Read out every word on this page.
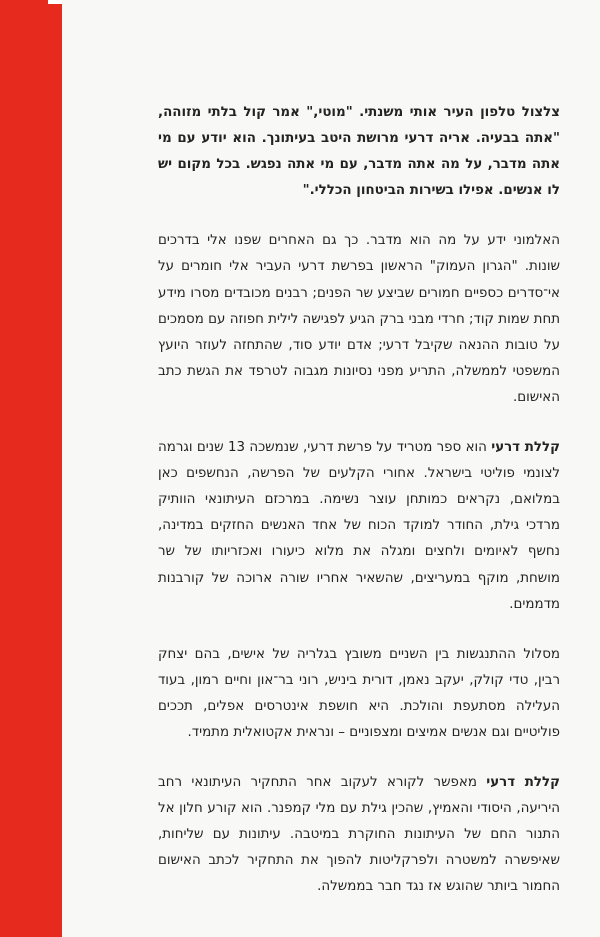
צלצול טלפון העיר אותי משנתי. "מוטי," אמר קול בלתי מזוהה, "אתה בבעיה. אריה דרעי מרושת היטב בעיתונך. הוא יודע עם מי אתה מדבר, על מה אתה מדבר, עם מי אתה נפגש. בכל מקום יש לו אנשים. אפילו בשירות הביטחון הכללי."

האלמוני ידע על מה הוא מדבר. כך גם האחרים שפנו אלי בדרכים שונות. "הגרון העמוק" הראשון בפרשת דרעי העביר אלי חומרים על אי־סדרים כספיים חמורים שביצע שר הפנים; רבנים מכובדים מסרו מידע תחת שמות קוד; חרדי מבני ברק הגיע לפגישה לילית חפוזה עם מסמכים על טובות ההנאה שקיבל דרעי; אדם יודע סוד, שהתחזה לעוזר היועץ המשפטי לממשלה, התריע מפני נסיונות מגבוה לטרפד את הגשת כתב האישום.

קללת דרעי הוא ספר מטריד על פרשת דרעי, שנמשכה 13 שנים וגרמה לצונמי פוליטי בישראל. אחורי הקלעים של הפרשה, הנחשפים כאן במלואם, נקראים כמותחן עוצר נשימה. במרכזם העיתונאי הוותיק מרדכי גילת, החודר למוקד הכוח של אחד האנשים החזקים במדינה, נחשף לאיומים ולחצים ומגלה את מלוא כיעורו ואכזריותו של שר מושחת, מוקף במעריצים, שהשאיר אחריו שורה ארוכה של קורבנות מדממים.

מסלול ההתנגשות בין השניים משובץ בגלריה של אישים, בהם יצחק רבין, טדי קולק, יעקב נאמן, דורית ביניש, רוני בר־און וחיים רמון, בעוד העלילה מסתעפת והולכת. היא חושפת אינטרסים אפלים, תככים פוליטיים וגם אנשים אמיצים ומצפוניים – ונראית אקטואלית מתמיד.

קללת דרעי מאפשר לקורא לעקוב אחר התחקיר העיתונאי רחב היריעה, היסודי והאמיץ, שהכין גילת עם מלי קמפנר. הוא קורע חלון אל התנור החם של העיתונות החוקרת במיטבה. עיתונות עם שליחות, שאיפשרה למשטרה ולפרקליטות להפוך את התחקיר לכתב האישום החמור ביותר שהוגש אז נגד חבר בממשלה.
